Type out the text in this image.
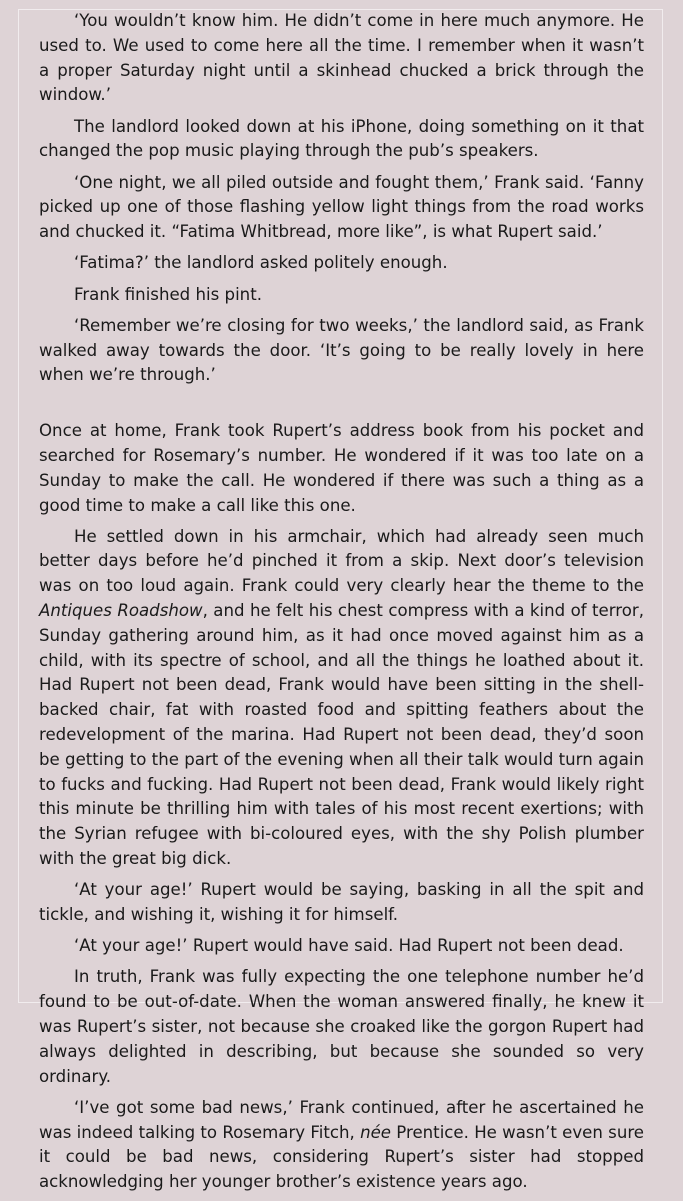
‘You wouldn’t know him. He didn’t come in here much anymore. He used to. We used to come here all the time. I remember when it wasn’t a proper Saturday night until a skinhead chucked a brick through the window.’

The landlord looked down at his iPhone, doing something on it that changed the pop music playing through the pub’s speakers.

‘One night, we all piled outside and fought them,’ Frank said. ‘Fanny picked up one of those flashing yellow light things from the road works and chucked it. “Fatima Whitbread, more like”, is what Rupert said.’

‘Fatima?’ the landlord asked politely enough.

Frank finished his pint.

‘Remember we’re closing for two weeks,’ the landlord said, as Frank walked away towards the door. ‘It’s going to be really lovely in here when we’re through.’

Once at home, Frank took Rupert’s address book from his pocket and searched for Rosemary’s number. He wondered if it was too late on a Sunday to make the call. He wondered if there was such a thing as a good time to make a call like this one.

He settled down in his armchair, which had already seen much better days before he’d pinched it from a skip. Next door’s television was on too loud again. Frank could very clearly hear the theme to the Antiques Roadshow, and he felt his chest compress with a kind of terror, Sunday gathering around him, as it had once moved against him as a child, with its spectre of school, and all the things he loathed about it. Had Rupert not been dead, Frank would have been sitting in the shell-backed chair, fat with roasted food and spitting feathers about the redevelopment of the marina. Had Rupert not been dead, they’d soon be getting to the part of the evening when all their talk would turn again to fucks and fucking. Had Rupert not been dead, Frank would likely right this minute be thrilling him with tales of his most recent exertions; with the Syrian refugee with bi-coloured eyes, with the shy Polish plumber with the great big dick.

‘At your age!’ Rupert would be saying, basking in all the spit and tickle, and wishing it, wishing it for himself.

‘At your age!’ Rupert would have said. Had Rupert not been dead.

In truth, Frank was fully expecting the one telephone number he’d found to be out-of-date. When the woman answered finally, he knew it was Rupert’s sister, not because she croaked like the gorgon Rupert had always delighted in describing, but because she sounded so very ordinary.

‘I’ve got some bad news,’ Frank continued, after he ascertained he was indeed talking to Rosemary Fitch, née Prentice. He wasn’t even sure it could be bad news, considering Rupert’s sister had stopped acknowledging her younger brother’s existence years ago.
